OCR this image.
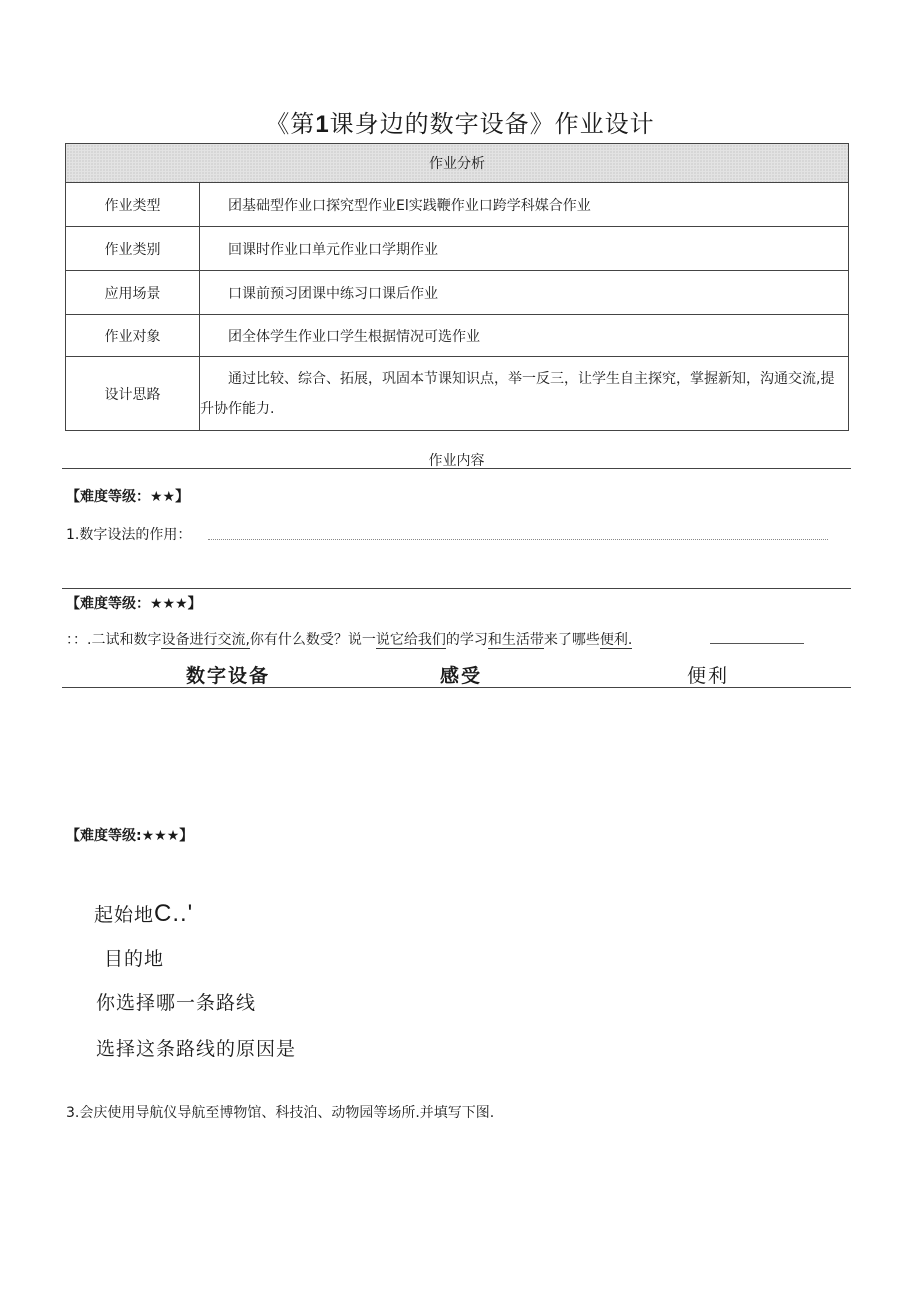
《第1课身边的数字设备》作业设计
作业分析	
作业类型	团基础型作业口探究型作业El实践鞭作业口跨学科媒合作业
作业类别	回课时作业口单元作业口学期作业
应用场景	口课前预习团课中练习口课后作业
作业对象	团全体学生作业口学生根据情况可选作业
设计思路	通过比较、综合、拓展，巩固本节课知识点，举一反三，让学生自主探究，掌握新知，沟通交流,提升协作能力.
作业内容
【难度等级：★★】
1.数字设法的作用：
【难度等级：★★★】
：：.二试和数字设备进行交流,你有什么数受？说一说它给我们的学习和生活带来了哪些便利.
数字设备	感受	便利
【难度等级:★★★】
起始地C..'
目的地
你选择哪一条路线
选择这条路线的原因是
3.会庆使用导航仪导航至博物馆、科技泊、动物园等场所.并填写下图.
